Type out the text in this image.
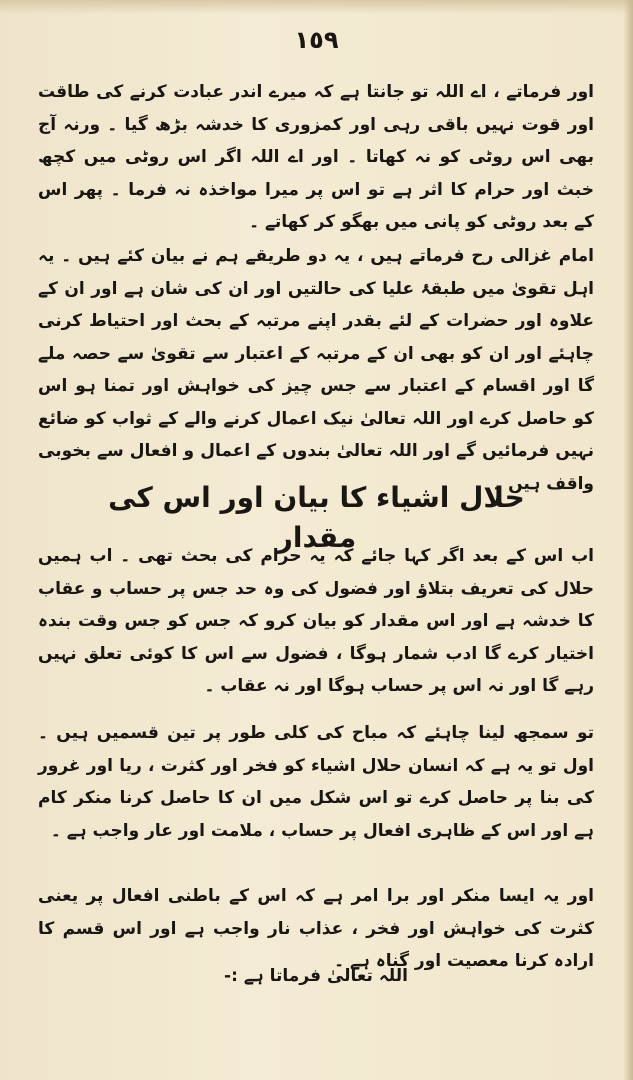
١٥٩
اور فرماتے ، اے اللہ تو جانتا ہے کہ میرے اندر عبادت کرنے کی طاقت اور قوت نہیں باقی رہی اور کمزوری کا خدشہ بڑھ گیا ۔ ورنہ آج بھی اس روٹی کو نہ کھاتا ۔ اور اے اللہ اگر اس روٹی میں کچھ خبث اور حرام کا اثر ہے تو اس پر میرا مواخذہ نہ فرما ۔ پھر اس کے بعد روٹی کو پانی میں بھگو کر کھاتے ۔
امام غزالی رح فرماتے ہیں ، یہ دو طریقے ہم نے بیان کئے ہیں ۔ یہ اہل تقویٰ میں طبقۂ علیا کی حالتیں اور ان کی شان ہے اور ان کے علاوہ اور حضرات کے لئے بقدر اپنے مرتبہ کے بحث اور احتیاط کرنی چاہئے اور ان کو بھی ان کے مرتبہ کے اعتبار سے تقویٰ سے حصہ ملے گا اور اقسام کے اعتبار سے جس چیز کی خواہش اور تمنا ہو اس کو حاصل کرے اور اللہ تعالیٰ نیک اعمال کرنے والے کے ثواب کو ضائع نہیں فرمائیں گے اور اللہ تعالیٰ بندوں کے اعمال و افعال سے بخوبی واقف ہیں ۔
حلال اشیاء کا بیان اور اس کی مقدار
اب اس کے بعد اگر کہا جائے کہ یہ حرام کی بحث تھی ۔ اب ہمیں حلال کی تعریف بتلاؤ اور فضول کی وہ حد جس پر حساب و عقاب کا خدشہ ہے اور اس مقدار کو بیان کرو کہ جس کو جس وقت بندہ اختیار کرے گا ادب شمار ہوگا ، فضول سے اس کا کوئی تعلق نہیں رہے گا اور نہ اس پر حساب ہوگا اور نہ عقاب ۔
تو سمجھ لینا چاہئے کہ مباح کی کلی طور پر تین قسمیں ہیں ۔ اول تو یہ ہے کہ انسان حلال اشیاء کو فخر اور کثرت ، ریا اور غرور کی بنا پر حاصل کرے تو اس شکل میں ان کا حاصل کرنا منکر کام ہے اور اس کے ظاہری افعال پر حساب ، ملامت اور عار واجب ہے ۔
اور یہ ایسا منکر اور برا امر ہے کہ اس کے باطنی افعال پر یعنی کثرت کی خواہش اور فخر ، عذاب نار واجب ہے اور اس قسم کا ارادہ کرنا معصیت اور گناہ ہے ۔
اللہ تعالیٰ فرماتا ہے :-
